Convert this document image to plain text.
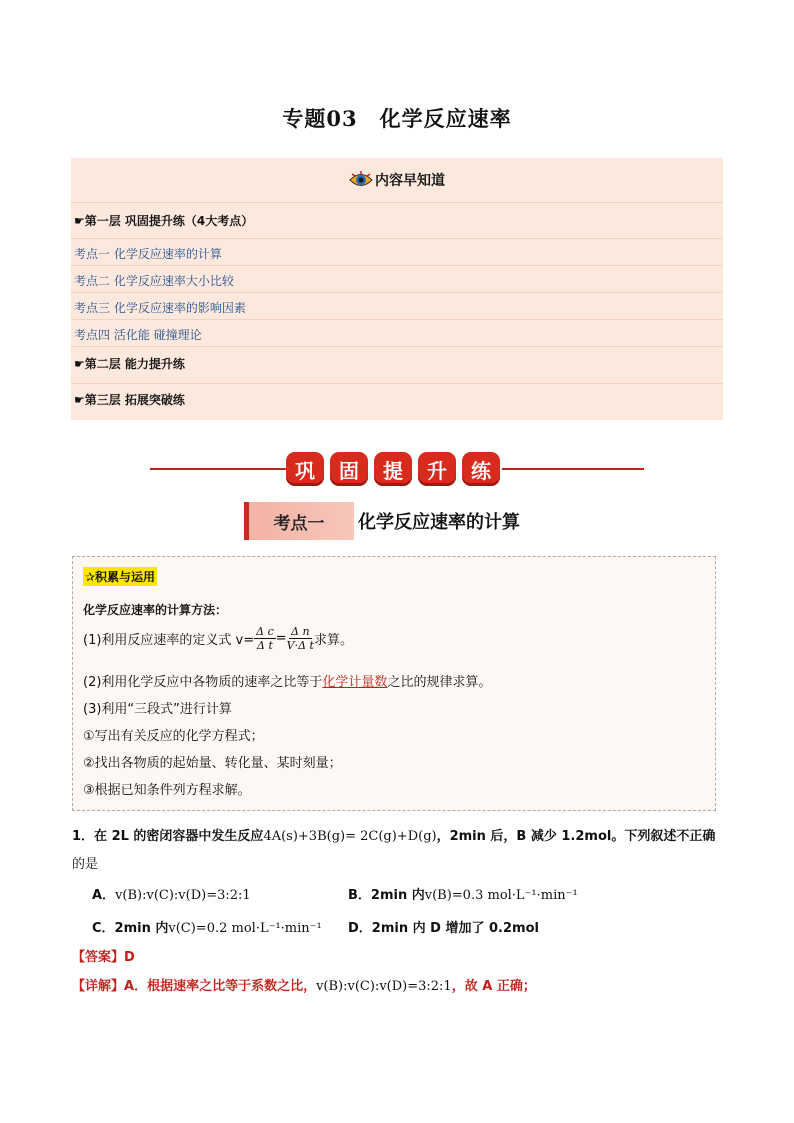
专题03 化学反应速率
内容早知道
☛第一层 巩固提升练（4大考点）
考点一 化学反应速率的计算
考点二 化学反应速率大小比较
考点三 化学反应速率的影响因素
考点四 活化能 碰撞理论
☛第二层 能力提升练
☛第三层 拓展突破练
巩	固	提	升	练
考点一	化学反应速率的计算
✰积累与运用
化学反应速率的计算方法：
(1)利用反应速率的定义式 $v= \frac{\text{Δ c}}{\text{Δ t}} = \frac{\text{Δ n}}{\text{V·Δ t}}$ 求算。
(2)利用化学反应中各物质的速率之比等于化学计量数之比的规律求算。
(3)利用“三段式”进行计算
①写出有关反应的化学方程式；
②找出各物质的起始量、转化量、某时刻量；
③根据已知条件列方程求解。
1．在 2L 的密闭容器中发生反应4A(s)+3B(g)= 2C(g)+D(g)，2min 后，B 减少 1.2mol。下列叙述不正确
的是
A．v(B):v(C):v(D)=3:2:1	B．2min 内v(B)=0.3 mol·L⁻¹·min⁻¹
C．2min 内v(C)=0.2 mol·L⁻¹·min⁻¹ D．2min 内 D 增加了 0.2mol
【答案】D
【详解】A．根据速率之比等于系数之比，v(B):v(C):v(D)=3:2:1，故 A 正确；
